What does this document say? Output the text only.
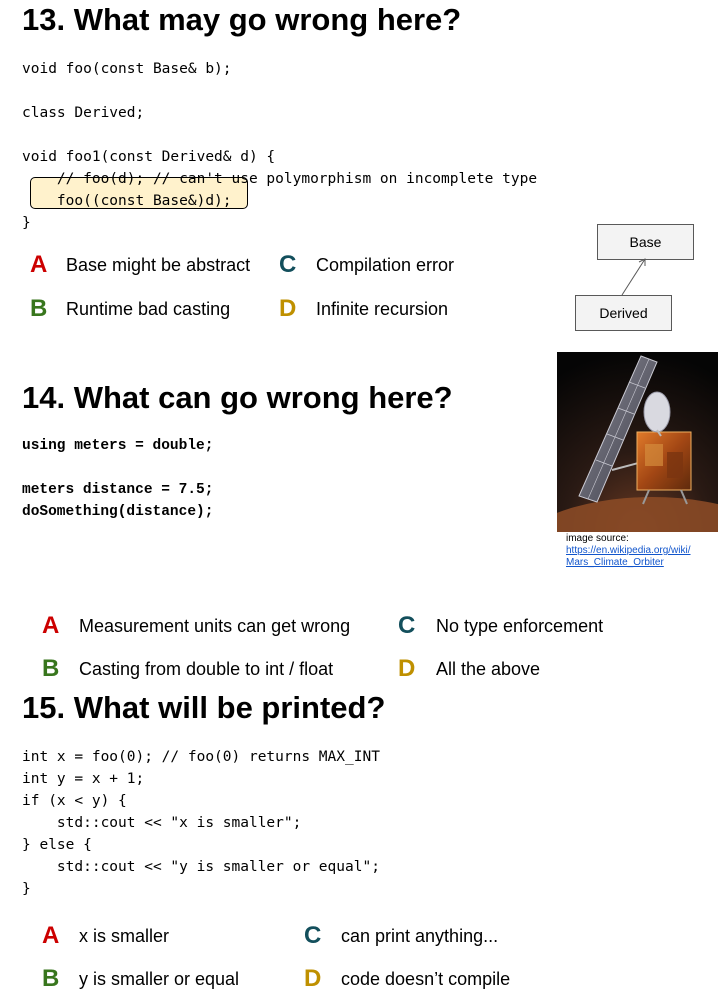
13. What may go wrong here?
void foo(const Base& b);

class Derived;

void foo1(const Derived& d) {
// foo(d); // can't use polymorphism on incomplete type
foo((const Base&)d);
}
A Base might be abstract C Compilation error
B Runtime bad casting D Infinite recursion
Base
Derived
14. What can go wrong here?
using meters = double;

meters distance = 7.5;
doSomething(distance);
image source:
https://en.wikipedia.org/wiki/
Mars_Climate_Orbiter
A Measurement units can get wrong C No type enforcement
B Casting from double to int / float	D All the above
15. What will be printed?
int x = foo(0); // foo(0) returns MAX_INT
int y = x + 1;
if (x < y) {
std::cout << "x is smaller";
} else {
std::cout << "y is smaller or equal";
}
A x is smaller	C can print anything...
B y is smaller or equal	D code doesn’t compile
